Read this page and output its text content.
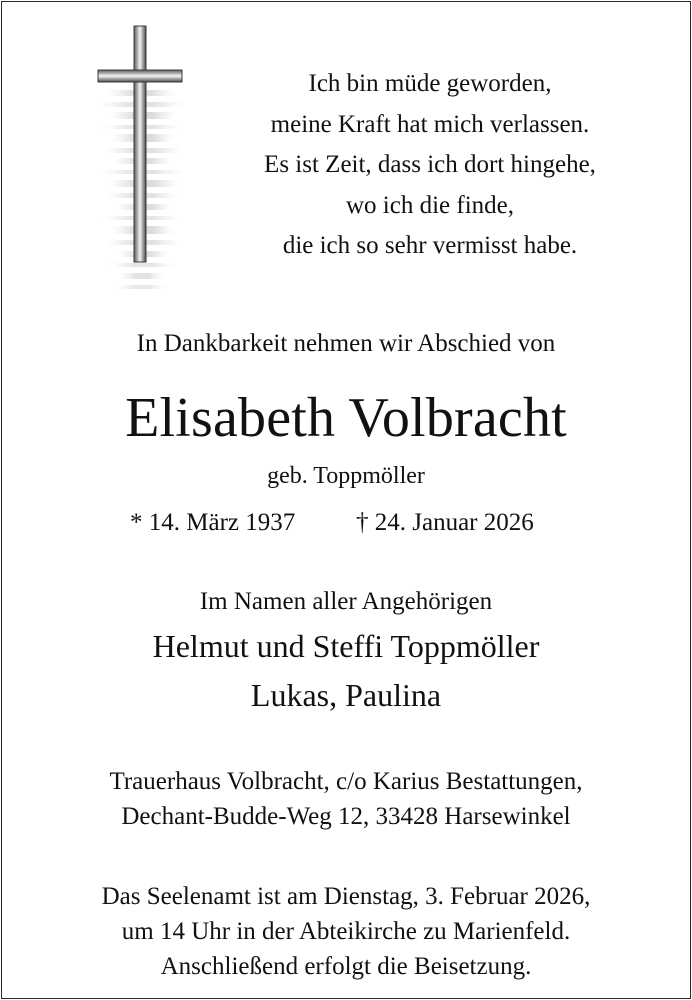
Ich bin müde geworden,
meine Kraft hat mich verlassen.
Es ist Zeit, dass ich dort hingehe,
wo ich die finde,
die ich so sehr vermisst habe.
In Dankbarkeit nehmen wir Abschied von
Elisabeth Volbracht
geb. Toppmöller
* 14. März 1937 † 24. Januar 2026
Im Namen aller Angehörigen
Helmut und Steffi Toppmöller
Lukas, Paulina
Trauerhaus Volbracht, c/o Karius Bestattungen,
Dechant-Budde-Weg 12, 33428 Harsewinkel
Das Seelenamt ist am Dienstag, 3. Februar 2026,
um 14 Uhr in der Abteikirche zu Marienfeld.
Anschließend erfolgt die Beisetzung.
